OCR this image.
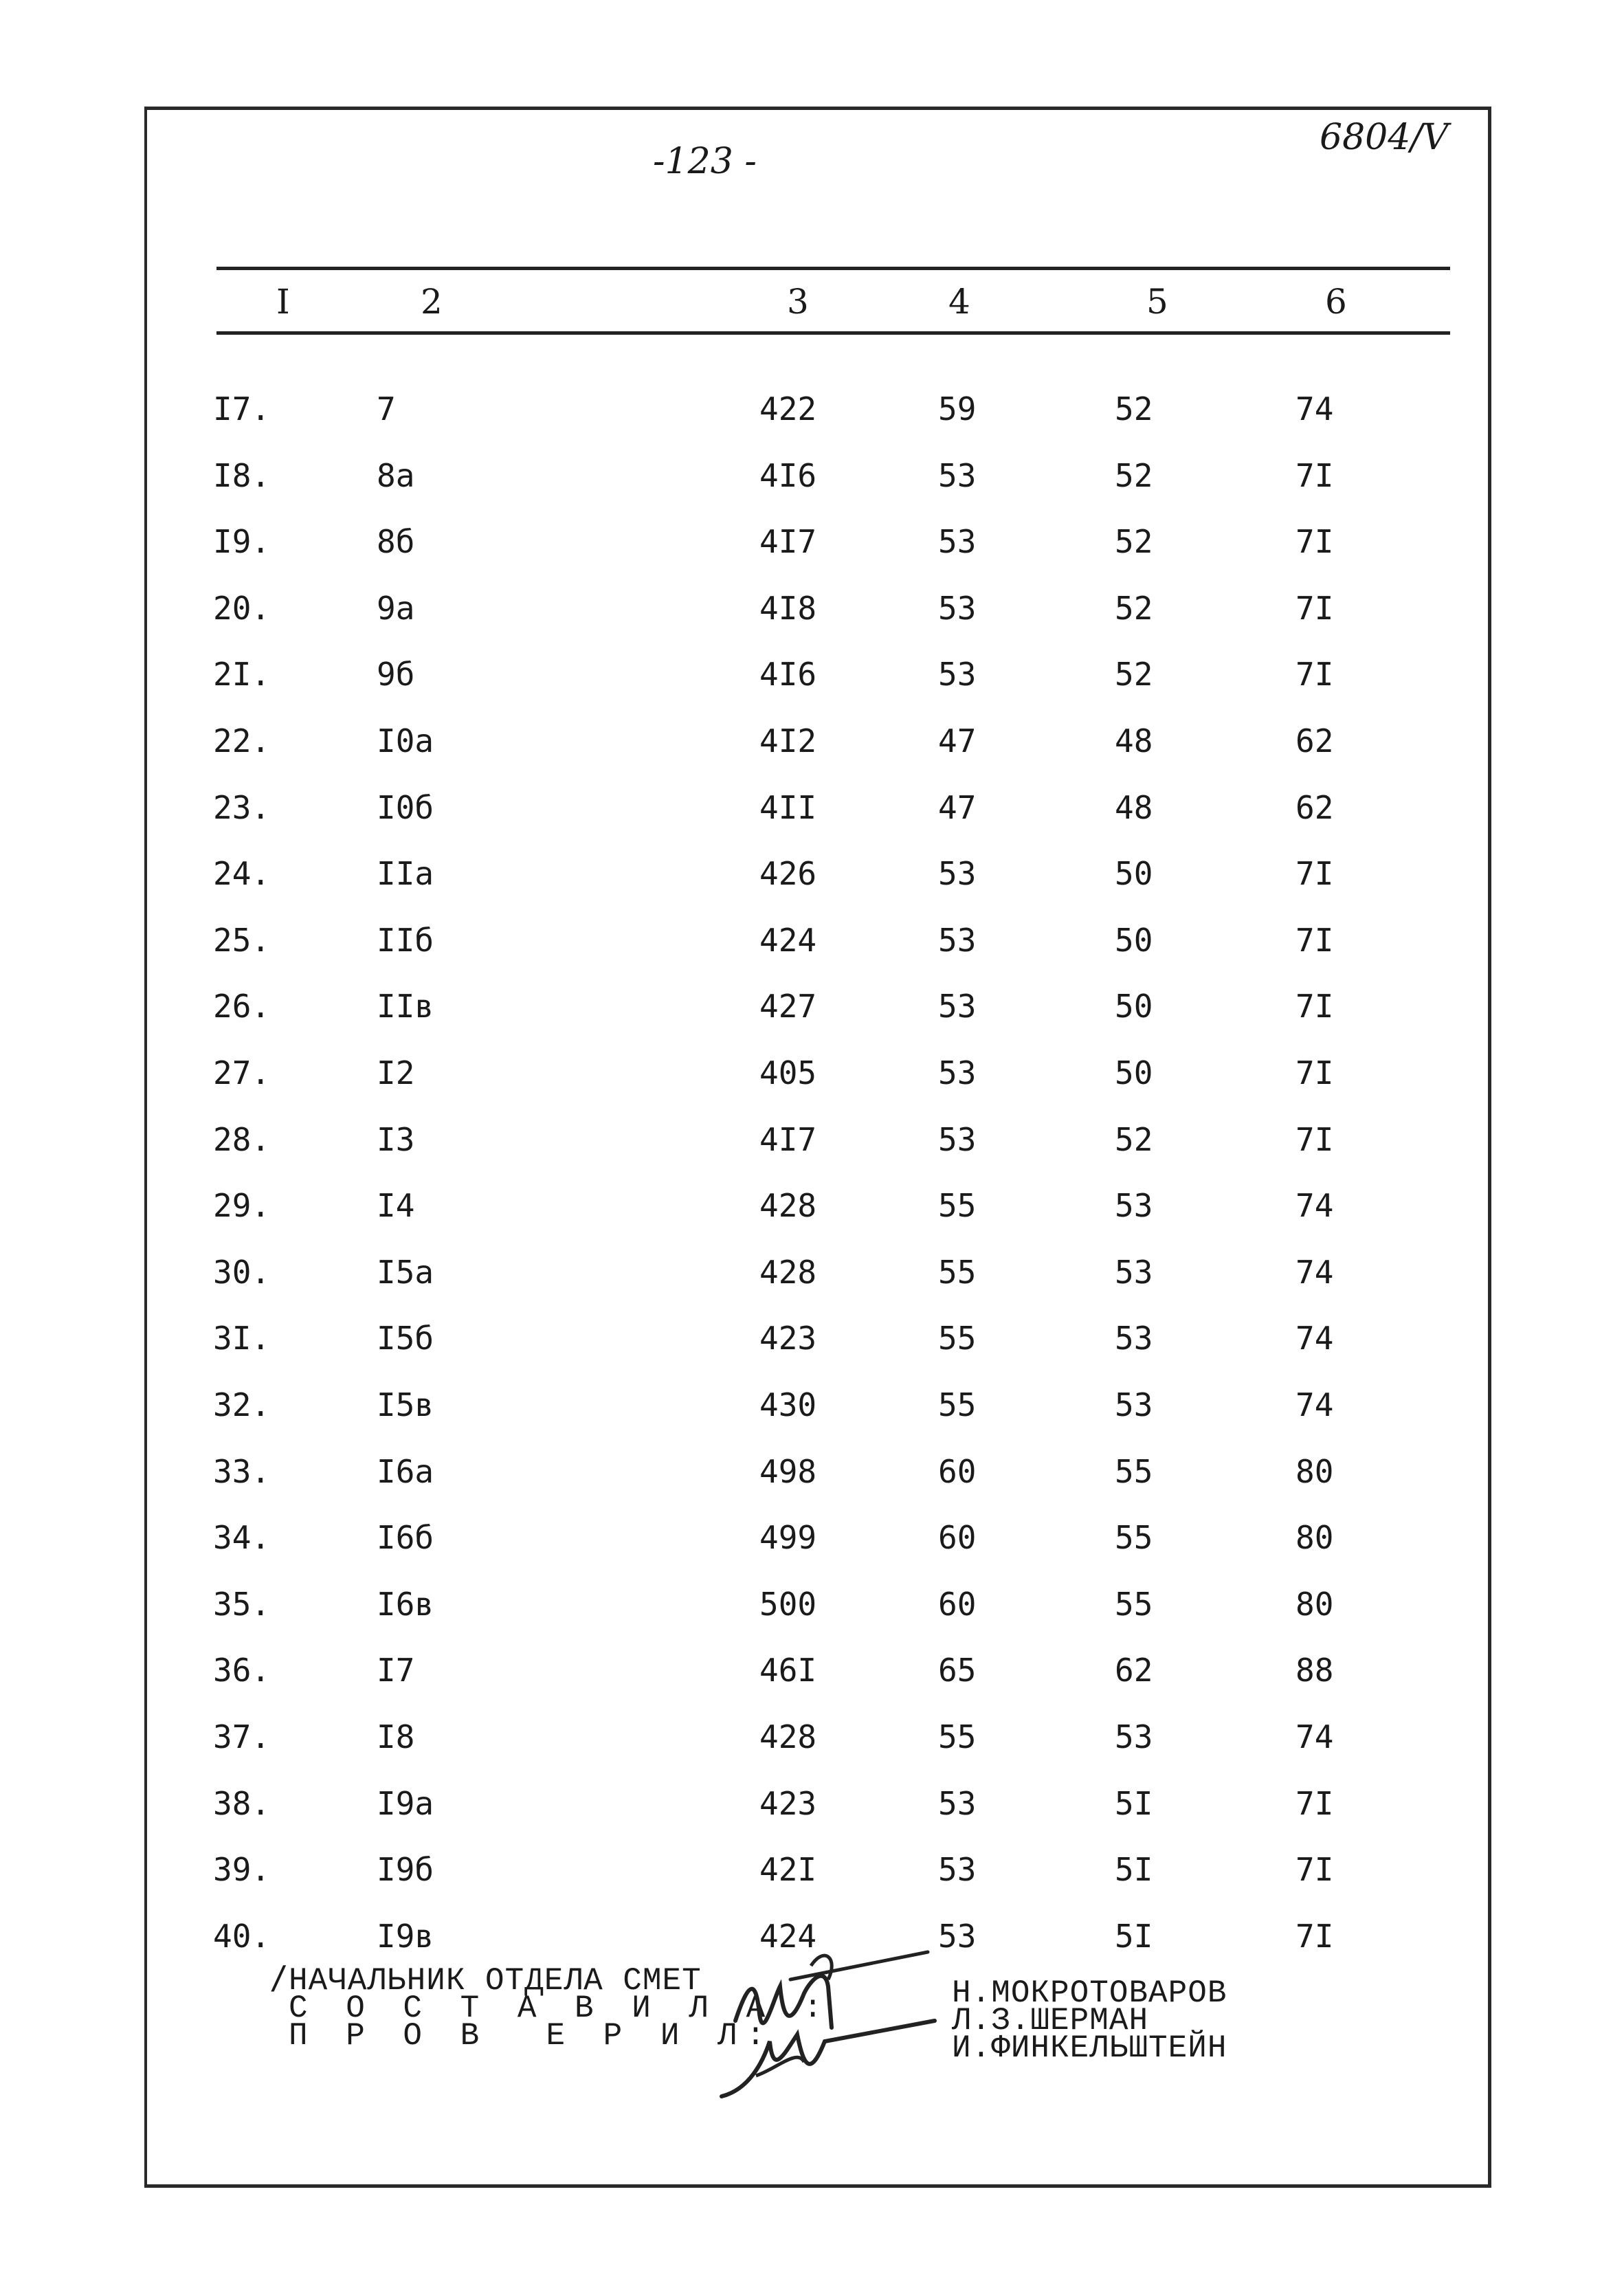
-123 -
6804/Ⅴ
I	2	3	4	5	6
I7.	7	422	59	52	74
I8.	8а	4I6	53	52	7I
I9.	8б	4I7	53	52	7I
20.	9а	4I8	53	52	7I
2I.	9б	4I6	53	52	7I
22.	I0а	4I2	47	48	62
23.	I0б	4II	47	48	62
24.	IIа	426	53	50	7I
25.	IIб	424	53	50	7I
26.	IIв	427	53	50	7I
27.	I2	405	53	50	7I
28.	I3	4I7	53	52	7I
29.	I4	428	55	53	74
30.	I5а	428	55	53	74
3I.	I5б	423	55	53	74
32.	I5в	430	55	53	74
33.	I6а	498	60	55	80
34.	I6б	499	60	55	80
35.	I6в	500	60	55	80
36.	I7	46I	65	62	88
37.	I8	428	55	53	74
38.	I9а	423	53	5I	7I
39.	I9б	42I	53	5I	7I
40.	I9в	424	53	5I	7I
/ НАЧАЛЬНИК ОТДЕЛА СМЕТ
С О С Т А В И Л А :
П Р О В  Е Р И Л:
Н.МОКРОТОВАРОВ
Л.З.ШЕРМАН
И.ФИНКЕЛЬШТЕЙН
